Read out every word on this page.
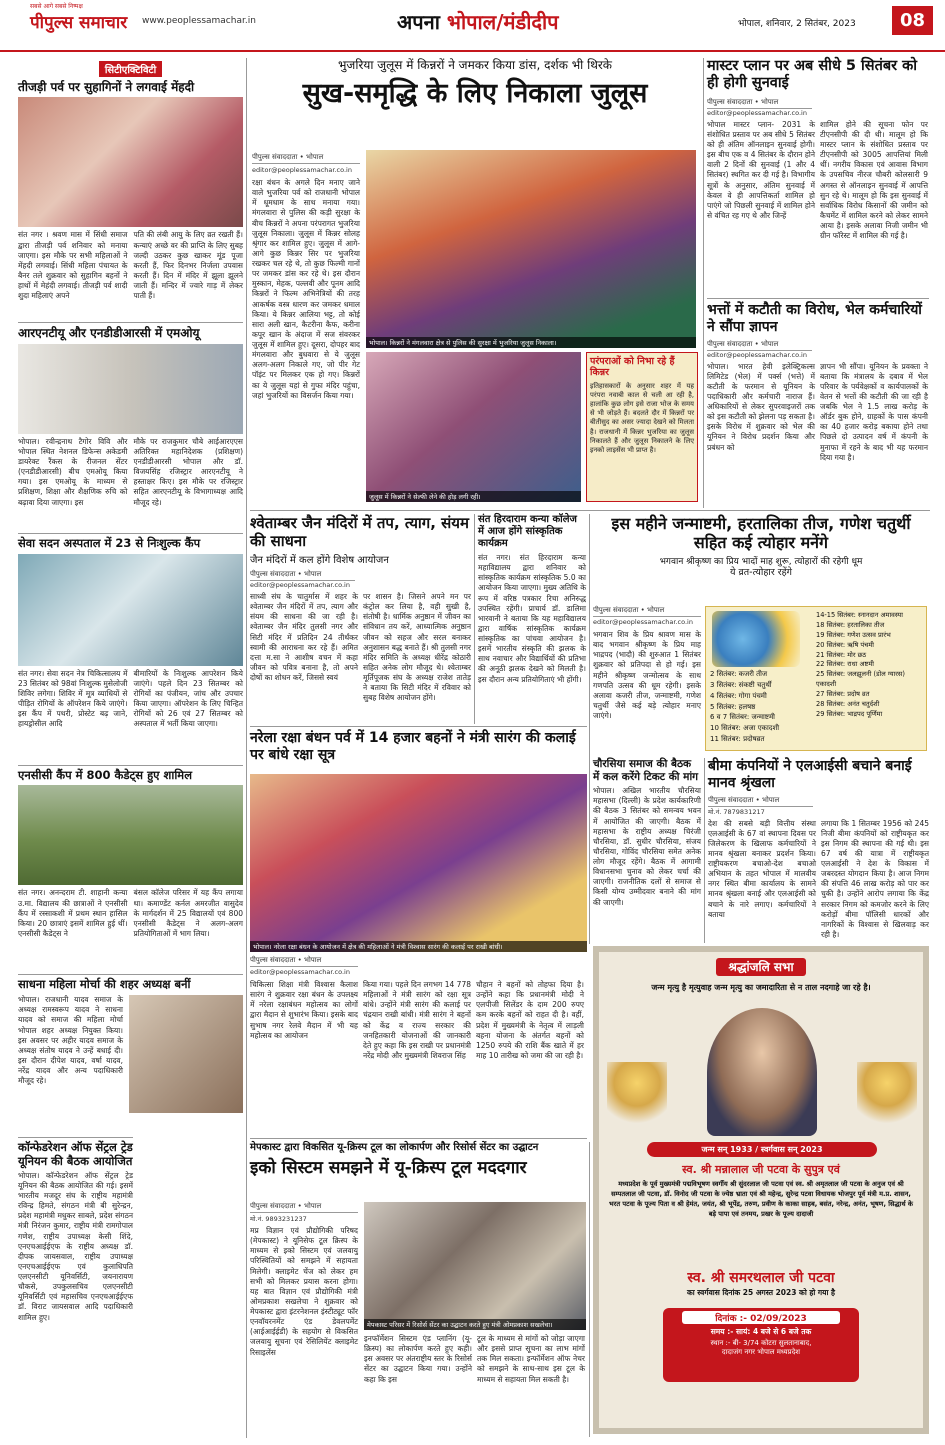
सबसे आगे सबसे निष्पक्ष
पीपुल्स समाचार www.peoplessamachar.in	अपना भोपाल/मंडीदीप	भोपाल, शनिवार, 2 सितंबर, 2023	08
सिटीएक्टिविटी
तीजड़ी पर्व पर सुहागिनों ने लगवाई मेंहदी
संत नगर । श्रवण मास में सिंधी समाज द्वारा तीजड़ी पर्व शनिवार को मनाया जाएगा। इस मौके पर सभी महिलाओं ने मेंहदी लगवाई। सिंधी महिला पंचायत के बैनर तले शुक्रवार को सुहागिन बहनों ने हाथों में मेहंदी लगवाई। तीजड़ी पर्व शादी शुदा महिलाएं अपने
पति की लंबी आयु के लिए व्रत रखती हैं। कन्याएं अच्छे वर की प्राप्ति के लिए सुबह जल्दी उठकर कुछ खाकर मूंड पूजा करती हैं, फिर दिनभर निर्जला उपवास करती हैं। दिन में मंदिर में झूला झूलने जाती हैं। मन्दिर में ज्वारे गाड़ में लेकर पाती हैं।
आरएनटीयू और एनडीडीआरसी में एमओयू
भोपाल। रवीन्द्रनाथ टैगोर विवि और भोपाल स्थित नेशनल डिफेन्स अकेडमी डायरेक्ट रैंकस के रीजनल सेंटर (एनडीडीआरसी) बीच एमओयू किया गया। इस एमओयू के माध्यम से प्रशिक्षण, शिक्षा और शैक्षणिक रुचि को बढ़ावा दिया जाएगा। इस
मौके पर राजकुमार चौबे आईआरएएस अतिरिक्त महानिदेशक (प्रशिक्षण) एनडीडीआरसी भोपाल और डॉ. विजयसिंह रजिस्ट्रार आरएनटीयू ने हस्ताक्षर किए। इस मौके पर रजिस्ट्रार सहित आरएनटीयू के विभागाध्यक्ष आदि मौजूद रहे।
सेवा सदन अस्पताल में 23 से निःशुल्क कैंप
संत नगर। सेवा सदन नेत्र चिकित्सालय में 23 सितंबर को 98वां निःशुल्क मुसेलोजी शिविर लगेगा। शिविर में मूत्र व्याधियों से पीड़ित रोगियों के ऑपरेशन किये जाएंगे। इस कैंप में पथरी, प्रोस्टेट बढ़ जाने, हायड्रोसील आदि
बीमारियों के निःशुल्क आपरेशन किये जाएंगे। पहले दिन 23 सितम्बर को रोगियों का पंजीयन, जांच और उपचार किया जाएगा। ऑपरेशन के लिए चिन्हित रोगियों को 26 एवं 27 सितम्बर को अस्पताल में भर्ती किया जाएगा।
एनसीसी कैंप में 800 कैडेट्स हुए शामिल
संत नगर। अनन्दराम टी. शाहानी कन्या उ.मा. विद्यालय की छात्राओं ने एनसीसी कैंप में रस्साकशी में प्रथम स्थान हासिल किया। 20 छात्राएं इसमें शामिल हुई थीं। एनसीसी कैडेट्स ने
बंसल कॉलेज परिसर में यह कैंप लगाया था। कमाण्डेंट कर्नल अमरजीत वासुदेव के मार्गदर्शन में 25 विद्यालयों एवं 800 एनसीसी कैडेट्स ने अलग-अलग प्रतियोगिताओं में भाग लिया।
साधना महिला मोर्चा की शहर अध्यक्ष बनीं
भोपाल। राजधानी यादव समाज के अध्यक्ष रामस्वरूप यादव ने साधना यादव को समाज की महिला मोर्चा भोपाल शहर अध्यक्ष नियुक्त किया। इस अवसर पर अहीर यादव समाज के अध्यक्ष संतोष यादव ने उन्हें बधाई दी। इस दौरान दीपेश यादव, वर्षा यादव, नरेंद्र यादव और अन्य पदाधिकारी मौजूद रहे।
कॉन्फेडरेशन ऑफ सेंट्रल ट्रेड यूनियन की बैठक आयोजित
भोपाल। कॉन्फेडरेशन ऑफ सेंट्रल ट्रेड यूनियन की बैठक आयोजित की गई। इसमें भारतीय मजदूर संघ के राष्ट्रीय महामंत्री रविन्द्र हिमते, संगठन मंत्री बी सुरेन्द्रन, प्रदेश महामंत्री मधुकर साबले, प्रदेश संगठन मंत्री निरंजन कुमार, राष्ट्रीय मंत्री रामगोपाल गणेश, राष्ट्रीय उपाध्यक्ष केसी शिंदे, एनएचआईईएफ के राष्ट्रीय अध्यक्ष डॉ. दीपक जायसवाल, राष्ट्रीय उपाध्यक्ष एनएचआईईएफ एवं कुलाधिपति एलएनसीटी यूनिवर्सिटी, जयनारायण चौकसे, उपकुलसचिव एलएनसीटी यूनिवर्सिटी एवं महासचिव एनएचआईईएफ डॉ. विराट जायसवाल आदि पदाधिकारी शामिल हुए।
भुजरिया जुलूस में किन्नरों ने जमकर किया डांस, दर्शक भी थिरके
सुख-समृद्धि के लिए निकाला जुलूस
पीपुल्स संवाददाता • भोपाल
editor@peoplessamachar.co.in
रक्षा बंधन के अगले दिन मनाए जाने वाले भुजरिया पर्व को राजधानी भोपाल में धूमधाम के साथ मनाया गया। मंगलवारा से पुलिस की कड़ी सुरक्षा के बीच किन्नरों ने अपना परंपरागत भुजरिया जुलूस निकाला। जुलूस में किन्नर सोलह श्रृंगार कर शामिल हुए। जुलूस में आगे-आगे कुछ किन्नर सिर पर भुजरिया रखकर चल रहे थे, तो कुछ फिल्मी गानों पर जमकर डांस कर रहे थे। इस दौरान मुस्कान, मेहक, पल्लवी और पूनम आदि किन्नरों ने फिल्म अभिनेत्रियों की तरह आकर्षक वस्त्र धारण कर जमकर धमाल किया। ये किन्नर आलिया भट्ट, तो कोई सारा अली खान, कैटरीना कैफ, करीना कपूर खान के अंदाज में सज संवरकर जुलूस में शामिल हुए। दूसरा, दोपहर बाद मंगलवारा और बुधवारा से ये जुलूस अलग-अलग निकाले गए, जो पीर गेट पॉइंट पर मिलकर एक हो गए। किन्नरों का ये जुलूस यहां से गुफा मंदिर पहुंचा, जहां भुजरियों का विसर्जन किया गया।
भोपाल। किन्नरों ने मंगलवारा क्षेत्र से पुलिस की सुरक्षा में भुजरिया जुलूस निकाला।
जुलूस में किन्नरों ने सेल्फी लेने की होड़ लगी रही।
परंपराओं को निभा रहे हैं किन्नर
इतिहासकारों के अनुसार शहर में यह परंपरा नवाबी काल से चली आ रही है, हालांकि कुछ लोग इसे राजा भोज के समय से भी जोड़ते हैं। बदलते दौर में किन्नरों पर बीतीसुद का असर ज्यादा देखने को मिलता है। राजधानी में किन्नर भुजरिया का जुलूस निकालते हैं और जुलूस निकालने के लिए इनको लाइसेंस भी प्राप्त है।
मास्टर प्लान पर अब सीधे 5 सितंबर को ही होगी सुनवाई
पीपुल्स संवाददाता • भोपाल
editor@peoplessamachar.co.in
भोपाल मास्टर प्लान- 2031 के संशोधित प्रस्ताव पर अब सीधे 5 सितंबर को ही अंतिम ऑनलाइन सुनवाई होगी। इस बीच एक व 4 सितंबर के दौरान होने वाली 2 दिनों की सुनवाई (1 और 4 सितंबर) स्थगित कर दी गई है। विभागीय सूत्रों के अनुसार, अंतिम सुनवाई में केवल वे ही आपत्तिकर्ता शामिल हो पाएंगे जो पिछली सुनवाई में शामिल होने से वंचित रह गए थे और जिन्हें
शामिल होने की सूचना फोन पर टीएनसीपी की दी थी। मालूम हो कि मास्टर प्लान के संशोधित प्रस्ताव पर टीएनसीपी को 3005 आपत्तियां मिली थीं। नगरीय विकास एवं आवास विभाग के उपसचिव नीरज चौबरी कोलसारी 9 अगस्त से ऑनलाइन सुनवाई में आपत्ति सुन रहे थे। मालूम हो कि इस सुनवाई में सर्वाधिक विरोध किसानों की जमीन को कैचमेंट में शामिल करने को लेकर सामने आया है। इसके अलावा निजी जमीन भी ग्रीन फॉरेस्ट में शामिल की गई है।
भत्तों में कटौती का विरोध, भेल कर्मचारियों ने सौंपा ज्ञापन
पीपुल्स संवाददाता • भोपाल
editor@peoplessamachar.co.in
भोपाल। भारत हेवी इलेक्ट्रिकल्स लिमिटेड (भेल) में पर्क्स (भत्ते) में कटौती के फरमान से यूनियन के पदाधिकारी और कर्मचारी नाराज हैं। अधिकारियों से लेकर सुपरवाइजरों तक को इस कटौती को झेलना पड़ सकता है। इसके विरोध में शुक्रवार को भेल की यूनियन ने विरोध प्रदर्शन किया और प्रबंधन को
ज्ञापन भी सौंपा। यूनियन के प्रवक्ता ने बताया कि मंत्रालय के दबाव में भेल परिवार के पर्यवेक्षकों व कार्यपालकों के वेतन से भत्तों की कटौती की जा रही है जबकि भेल ने 1.5 लाख करोड़ के ऑर्डर बुक होने, ग्राहकों के पास कंपनी का 40 हजार करोड़ बकाया होने तथा पिछले दो उत्पादन वर्ष में कंपनी के मुनाफा में रहने के बाद भी यह फरमान दिया गया है।
श्वेताम्बर जैन मंदिरों में तप, त्याग, संयम की साधना
जैन मंदिरों में कल होंगे विशेष आयोजन
पीपुल्स संवाददाता • भोपाल
editor@peoplessamachar.co.in
साध्वी संघ के चातुर्मास में शहर के श्वेताम्बर जैन मंदिरों में तप, त्याग और संयम की साधना की जा रही है। श्वेताम्बर जैन मंदिर तुलसी नगर और सिटी मंदिर में प्रतिदिन 24 तीर्थंकर स्वामी की आराधना कर रहे हैं। अमित दत्ता म.सा ने आशीष वचन में कहा जीवन को पवित्र बनाना है, तो अपने दोषों का शोधन करें, जिससे स्वयं
पर शासन है। जिसने अपने मन पर कंट्रोल कर लिया है, वही सुखी है, संतोषी है। धार्मिक अनुष्ठान में जीवन का संविधान तय करें, आध्यात्मिक अनुष्ठान जीवन को सहज और सरल बनाकर अनुशासन बद्ध बनाते हैं। श्री तुलसी नगर मंदिर समिति के अध्यक्ष धीरेंद्र कोठारी सहित अनेक लोग मौजूद थे। श्वेताम्बर मूर्तिपूजक संघ के अध्यक्ष राजेश तातेड़ ने बताया कि सिटी मंदिर में रविवार को सुबह विशेष आयोजन होंगे।
संत हिरदाराम कन्या कॉलेज में आज होंगे सांस्कृतिक कार्यक्रम
संत नगर। संत हिरदाराम कन्या महाविद्यालय द्वारा शनिवार को सांस्कृतिक कार्यक्रम सांस्कृतिक 5.0 का आयोजन किया जाएगा। मुख्य अतिथि के रूप में वरिष्ठ पत्रकार रिचा अनिरुद्ध उपस्थित रहेंगी। प्राचार्य डॉ. डालिमा भारवानी ने बताया कि यह महाविद्यालय द्वारा वार्षिक सांस्कृतिक कार्यक्रम सांस्कृतिक का पांचवा आयोजन है। इसमें भारतीय संस्कृति की झलक के साथ नवाचार और विद्यार्थियों की प्रतिभा की अनूठी झलक देखने को मिलती है। इस दौरान अन्य प्रतियोगिताएं भी होंगी।
इस महीने जन्माष्टमी, हरतालिका तीज, गणेश चतुर्थी सहित कई त्योहार मनेंगे
भगवान श्रीकृष्ण का प्रिय भादों माह शुरू, त्योहारों की रहेगी धूम
ये व्रत-त्योहार रहेंगे
पीपुल्स संवाददाता • भोपाल
editor@peoplessamachar.co.in
भगवान शिव के प्रिय श्रावण मास के बाद भगवान श्रीकृष्ण के प्रिय माह भाद्रपद (भादौ) की शुरुआत 1 सितंबर शुक्रवार को प्रतिपदा से हो गई। इस महीने श्रीकृष्ण जन्मोत्सव के साथ गणपति उत्सव की धूम रहेगी। इसके अलावा कजरी तीज, जन्माष्टमी, गणेश चतुर्थी जैसे कई बड़े त्योहार मनाए जाएंगे।
2 सितंबर: कजरी तीज
3 सितंबर: संकष्टी चतुर्थी
4 सितंबर: गोगा पंचमी
5 सितंबर: हलषष्ठ
6 व 7 सितंबर: जन्माष्टमी
10 सितंबर: अजा एकादशी
11 सितंबर: प्रदोषव्रत
14-15 सितंबर: स्नानदान अमावस्या
18 सितंबर: हरतालिका तीज
19 सितंबर: गणेश उत्सव प्रारंभ
20 सितंबर: ऋषि पंचमी
21 सितंबर: मोर छठ
22 सितंबर: राधा अष्टमी
25 सितंबर: जलझूलनी (डोल ग्यारस) एकादशी
27 सितंबर: प्रदोष व्रत
28 सितंबर: अनंत चतुर्दशी
29 सितंबर: भाद्रपद पूर्णिमा
नरेला रक्षा बंधन पर्व में 14 हजार बहनों ने मंत्री सारंग की कलाई पर बांधे रक्षा सूत्र
भोपाल। नरेला रक्षा बंधन के आयोजन में क्षेत्र की महिलाओं ने मंत्री विश्वास सारंग की कलाई पर राखी बांधी।
पीपुल्स संवाददाता • भोपाल
editor@peoplessamachar.co.in
चिकित्सा शिक्षा मंत्री विश्वास कैलाश सारंग ने शुक्रवार रक्षा बंधन के उपलक्ष्य में नरेला रक्षाबंधन महोत्सव का लोगों द्वारा मैदान से शुभारंभ किया। इसके बाद सुभाष नगर रेलवे मैदान में भी यह महोत्सव का आयोजन
किया गया। पहले दिन लगभग 14 778 महिलाओं ने मंत्री सारंग को रक्षा सूत्र बांधे। उन्होंने मंत्री सारंग की कलाई पर चंद्रयान राखी बांधी। मंत्री सारंग ने बहनों को केंद्र व राज्य सरकार की जनहितकारी योजनाओं की जानकारी देते हुए कहा कि इस राखी पर प्रधानमंत्री नरेंद्र मोदी और मुख्यमंत्री शिवराज सिंह
चौहान ने बहनों को तोहफा दिया है। उन्होंने कहा कि प्रधानमंत्री मोदी ने एलपीजी सिलेंडर के दाम 200 रुपए कम करके बहनों को राहत दी है। वहीं, प्रदेश में मुख्यमंत्री के नेतृत्व में लाड़ली बहना योजना के अंतर्गत बहनों को 1250 रुपये की राशि बैंक खाते में हर माह 10 तारीख को जमा की जा रही है।
चौरसिया समाज की बैठक में कल करेंगे टिकट की मांग
भोपाल। अखिल भारतीय चौरसिया महासभा (दिल्ली) के प्रदेश कार्यकारिणी की बैठक 3 सितंबर को समन्वय भवन में आयोजित की जाएगी। बैठक में महासभा के राष्ट्रीय अध्यक्ष चिरंजी चौरसिया, डॉ. सुधीर चौरसिया, संजय चौरसिया, गोविंद चौरसिया समेत अनेक लोग मौजूद रहेंगे। बैठक में आगामी विधानसभा चुनाव को लेकर चर्चा की जाएगी। राजनीतिक दलों से समाज से किसी योग्य उम्मीदवार बनाने की मांग की जाएगी।
बीमा कंपनियों ने एलआईसी बचाने बनाई मानव श्रृंखला
पीपुल्स संवाददाता • भोपाल
मो.नं. 7879831217
देश की सबसे बड़ी वित्तीय संस्था एलआईसी के 67 वां स्थापना दिवस पर जिलेकरण के खिलाफ कर्मचारियों ने मानव श्रृंखला बनाकर प्रदर्शन किया। राष्ट्रीयकरण बचाओ-देश बचाओ अभियान के तहत भोपाल में मालवीय नगर स्थित बीमा कार्यालय के सामने मानव श्रृंखला बनाई और एलआईसी को बचाने के नारे लगाए। कर्मचारियों ने बताया
लगाया कि 1 सितम्बर 1956 को 245 निजी बीमा कंपनियों को राष्ट्रीयकृत कर इस निगम की स्थापना की गई थी। इस 67 वर्ष की यात्रा में राष्ट्रीयकृत एलआईसी ने देश के विकास में जबरदस्त योगदान किया है। आज निगम की संपत्ति 46 लाख करोड़ को पार कर चुकी है। उन्होंने आरोप लगाया कि केंद्र सरकार निगम को कमजोर करने के लिए करोड़ों बीमा पॉलिसी धारकों और नागरिकों के विश्वास से खिलवाड़ कर रही है।
श्रद्धांजलि सभा
जन्म मृत्यु है मृत्युवाह जन्म मृत्यु का जमादारिता से न ताल नदगाहे जा रहे है।
जन्म सन् 1933 / स्वर्गवास सन् 2023
स्व. श्री मन्नालाल जी पटवा के सुपुत्र एवं
मध्यप्रदेश के पूर्व मुख्यमंत्री पद्मविभूषण स्वर्गीय श्री सुंदरलाल जी पटवा एवं स्व. श्री अमृतलाल जी पटवा के अनुज एवं श्री सम्पतलाल जी पटवा, डॉ. विनोद जी पटवा के ज्येष्ठ भ्राता एवं श्री महेन्द्र, सुरेन्द्र पटवा विधायक भोजपुर पूर्व मंत्री म.प्र. शासन, भरत पटवा के पूज्य पिता व श्री हेमंत, जयंत, श्री भूपेंद्र, तरुण, प्रवीण के काका साहब, बसंत, नरेन्द्र, अनंत, भूषण, सिद्धार्थ के बड़े पापा एवं तनमय, प्रखर के पूज्य दादाजी
स्व. श्री समरथलाल जी पटवा
का स्वर्गवास दिनांक 25 अगस्त 2023 को हो गया है
दिनांक :- 02/09/2023
समय :- सायं: 4 बजे से 6 बजे तक
स्थान :- बी- 3/74 कोटरा सुलतानाबाद,
दादाजंग नगर भोपाल मध्यप्रदेश
मेपकास्ट द्वारा विकसित यू-क्रिस्प टूल का लोकार्पण और रिसोर्स सेंटर का उद्घाटन
इको सिस्टम समझने में यू-क्रिस्प टूल मददगार
पीपुल्स संवाददाता • भोपाल
मो.नं. 9893231237
मप्र विज्ञान एवं प्रौद्योगिकी परिषद (मेपकास्ट) ने यूनिसेफ टूल क्रिस्प के माध्यम से इको सिस्टम एवं जलवायु परिस्थितियों को समझने में सहायता मिलेगी। क्लाइमेट चेंज को लेकर हम सभी को मिलकर प्रयास करना होगा। यह बात विज्ञान एवं प्रौद्योगिकी मंत्री ओमप्रकाश सखलेचा ने शुक्रवार को मेपकास्ट द्वारा इंटरनेशनल इंस्टीट्यूट फॉर एनवॉयरनमेंट एंड डेवलपमेंट (आईआईईडी) के सहयोग से विकसित जलवायु सूचना एवं रेसिलियेंट क्लाइमेट रिसाइलेंस
मेपकास्ट परिसर में रिसोर्स सेंटर का उद्घाटन करते हुए मंत्री ओमप्रकाश सखलेचा।
इनफॉर्मेशन सिस्टम एंड प्लानिंग (यू-क्रिस्प) का लोकार्पण करते हुए कही। इस अवसर पर अंतराष्ट्रीय स्तर के रिसोर्स सेंटर का उद्घाटन किया गया। उन्होंने कहा कि इस
टूल के माध्यम से मांगों को जोड़ा जाएगा और इससे प्राप्त सूचना का लाभ मांगों तक मिल सकता। इन्फॉर्मेशन ऑफ नेचर को समझने के साथ-साथ इस टूल के माध्यम से सहायता मिल सकती है।
